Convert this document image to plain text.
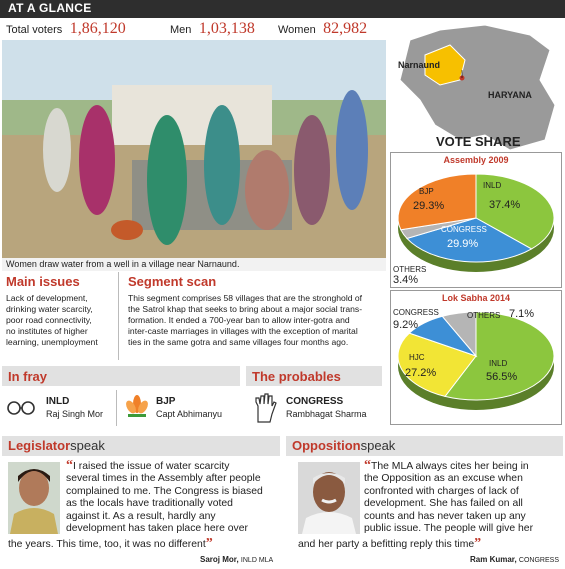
AT A GLANCE
Total voters 1,86,120	Men 1,03,138 Women 82,982
Women draw water from a well in a village near Narnaund.
Narnaund
HARYANA
VOTE SHARE
Assembly 2009
INLD
37.4%
BJP
29.3%
CONGRESS
29.9%
OTHERS
3.4%
Lok Sabha 2014
INLD
56.5%
HJC
27.2%
CONGRESS
9.2%
OTHERS 7.1%
Main issues
Lack of development,
drinking water scarcity,
poor road connectivity,
no institutes of higher
learning, unemployment
Segment scan
This segment comprises 58 villages that are the stronghold of
the Satrol khap that seeks to bring about a major social trans-
formation. It ended a 700-year ban to allow inter-gotra and
inter-caste marriages in villages with the exception of marital
ties in the same gotra and same villages four months ago.
In fray
INLD
Raj Singh Mor
BJP
Capt Abhimanyu
The probables
CONGRESS
Rambhagat Sharma
Legislatorspeak
“I raised the issue of water scarcity
several times in the Assembly after people
complained to me. The Congress is biased
as the locals have traditionally voted
against it. As a result, hardly any
development has taken place here over
the years. This time, too, it was no different”
Saroj Mor, INLD MLA
Oppositionspeak
“The MLA always cites her being in
the Opposition as an excuse when
confronted with charges of lack of
development. She has failed on all
counts and has never taken up any
public issue. The people will give her
and her party a befitting reply this time”
Ram Kumar, CONGRESS
